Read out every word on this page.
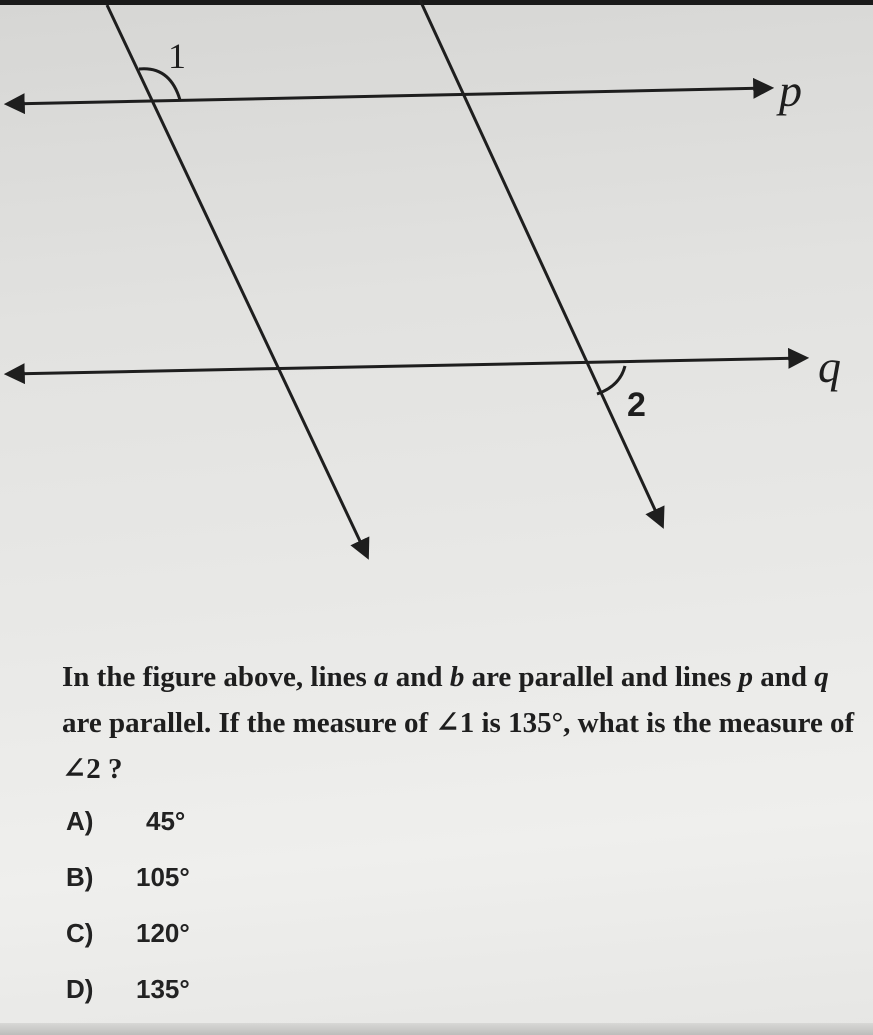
1
p
q
2
In the figure above, lines a and b are parallel and lines p and q are parallel. If the measure of ∠1 is 135°, what is the measure of ∠2 ?
A) 45°
B) 105°
C) 120°
D) 135°
